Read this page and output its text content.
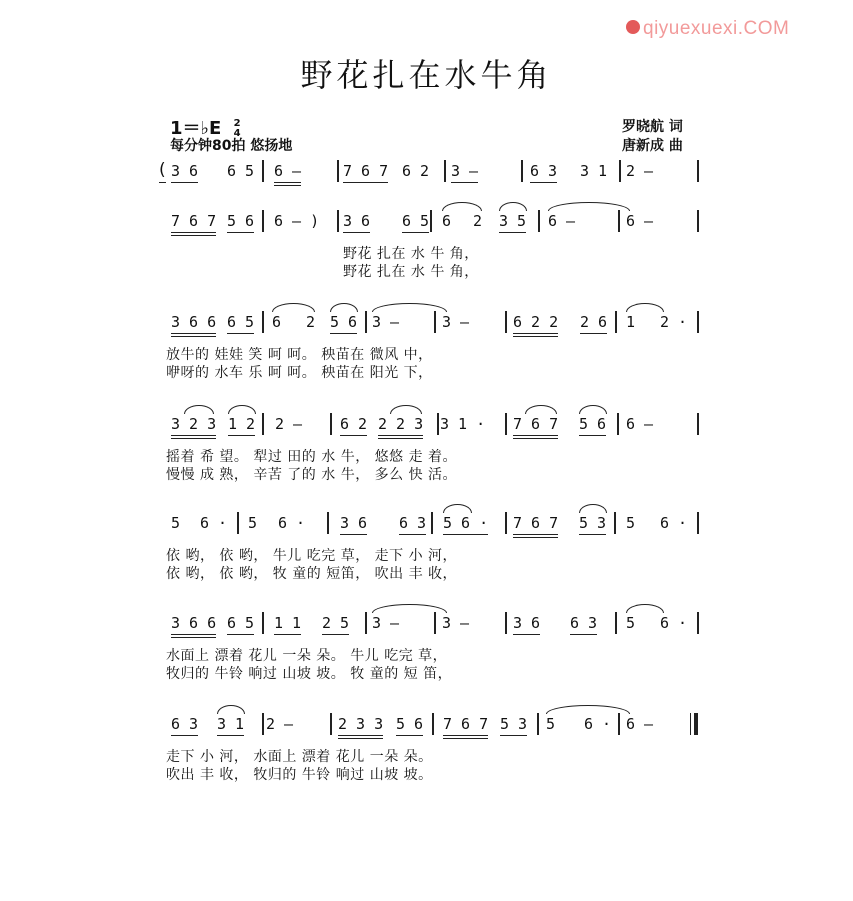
qiyuexuexi.COM
野花扎在水牛角
1＝♭E 2
4
每分钟80拍 悠扬地
罗晓航 词
唐新成 曲
( 3 6 6 5 6 –	7 6 7 6 2 3 –	6 3 3 1 2 –
7 6 7 5 6 6 – ) 3 6 6 5 6 2 3 5 6 –	6 –
野花 扎在 水 牛 角，
野花 扎在 水 牛 角，
3 6 6 6 5 6 2 5 6 3 –	3 –	6 2 2 2 6 1 2 ·
放牛的 娃娃 笑 呵 呵。 秧苗在 微风 中，
咿呀的 水车 乐 呵 呵。 秧苗在 阳光 下，
3 2 3 1 2 2 –	6 2 2 2 3 3 1 · 7 6 7 5 6 6 –
摇着 希 望。 犁过 田的 水 牛， 悠悠 走 着。
慢慢 成 熟， 辛苦 了的 水 牛， 多么 快 活。
5 6 · 5 6 · 3 6 6 3 5 6 · 7 6 7 5 3 5 6 ·
依 哟， 依 哟， 牛儿 吃完 草， 走下 小 河，
依 哟， 依 哟， 牧 童的 短笛， 吹出 丰 收，
3 6 6 6 5 1 1 2 5 3 –	3 –	3 6 6 3 5 6 ·
水面上 漂着 花儿 一朵 朵。 牛儿 吃完 草，
牧归的 牛铃 响过 山坡 坡。 牧 童的 短 笛，
6 3 3 1 2 –	2 3 3 5 6 7 6 7 5 3 5 6 · 6 –
走下 小 河， 水面上 漂着 花儿 一朵 朵。
吹出 丰 收， 牧归的 牛铃 响过 山坡 坡。
